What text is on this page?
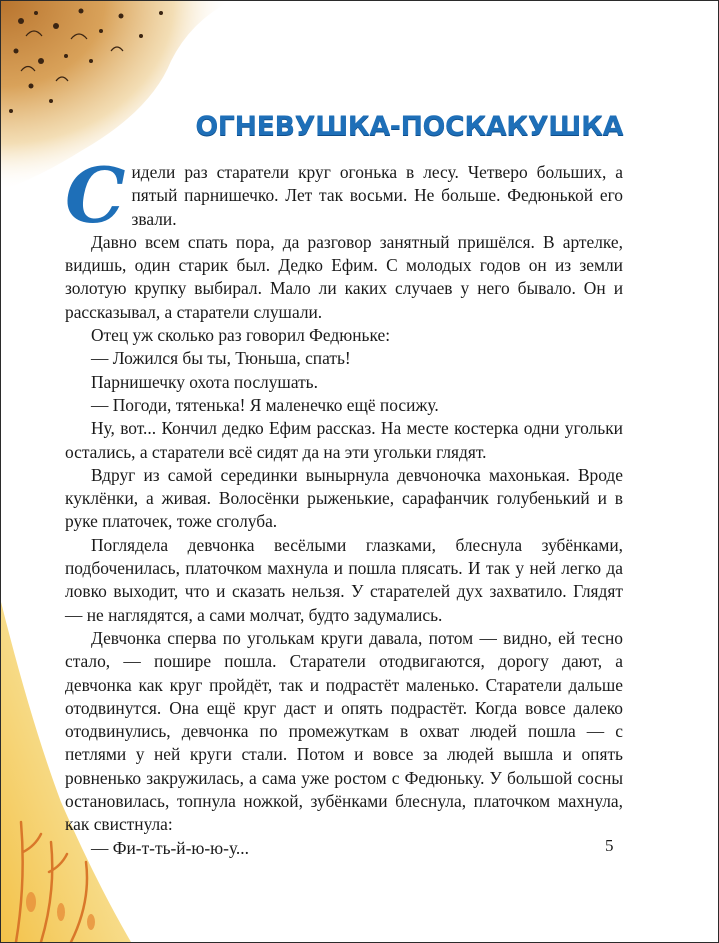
ОГНЕВУШКА-ПОСКАКУШКА

Сидели раз старатели круг огонька в лесу. Четверо больших, а пятый парнишечко. Лет так восьми. Не больше. Федюнькой его звали.

Давно всем спать пора, да разговор занятный пришёлся. В артелке, видишь, один старик был. Дедко Ефим. С молодых годов он из земли золотую крупку выбирал. Мало ли каких случаев у него бывало. Он и рассказывал, а старатели слушали.

Отец уж сколько раз говорил Федюньке:

— Ложился бы ты, Тюньша, спать!

Парнишечку охота послушать.

— Погоди, тятенька! Я маленечко ещё посижу.

Ну, вот... Кончил дедко Ефим рассказ. На месте костерка одни угольки остались, а старатели всё сидят да на эти угольки глядят.

Вдруг из самой серединки вынырнула девчоночка махонькая. Вроде куклёнки, а живая. Волосёнки рыженькие, сарафанчик голубенький и в руке платочек, тоже сголуба.

Поглядела девчонка весёлыми глазками, блеснула зубёнками, подбоченилась, платочком махнула и пошла плясать. И так у ней легко да ловко выходит, что и сказать нельзя. У старателей дух захватило. Глядят — не наглядятся, а сами молчат, будто задумались.

Девчонка сперва по уголькам круги давала, потом — видно, ей тесно стало, — пошире пошла. Старатели отодвигаются, дорогу дают, а девчонка как круг пройдёт, так и подрастёт маленько. Старатели дальше отодвинутся. Она ещё круг даст и опять подрастёт. Когда вовсе далеко отодвинулись, девчонка по промежуткам в охват людей пошла — с петлями у ней круги стали. Потом и вовсе за людей вышла и опять ровненько закружилась, а сама уже ростом с Федюньку. У большой сосны остановилась, топнула ножкой, зубёнками блеснула, платочком махнула, как свистнула:

— Фи-т-ть-й-ю-ю-у...	5
